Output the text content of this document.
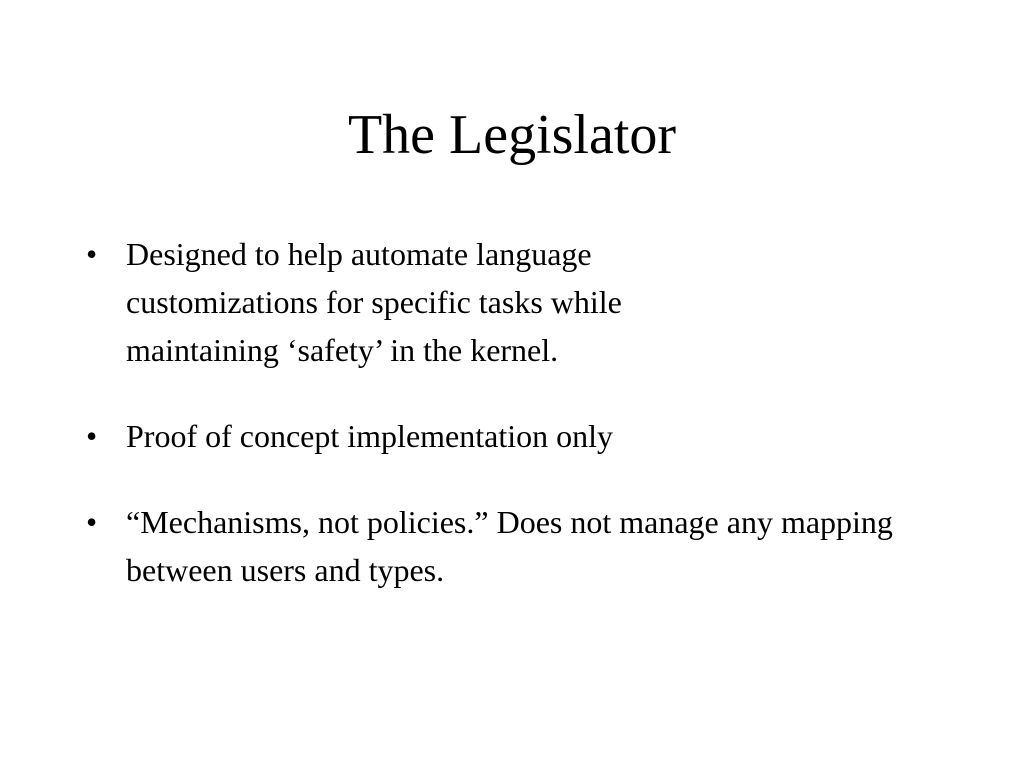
The Legislator
• Designed to help automate language customizations for specific tasks while maintaining ‘safety’ in the kernel.
• Proof of concept implementation only
• “Mechanisms, not policies.” Does not manage any mapping between users and types.
